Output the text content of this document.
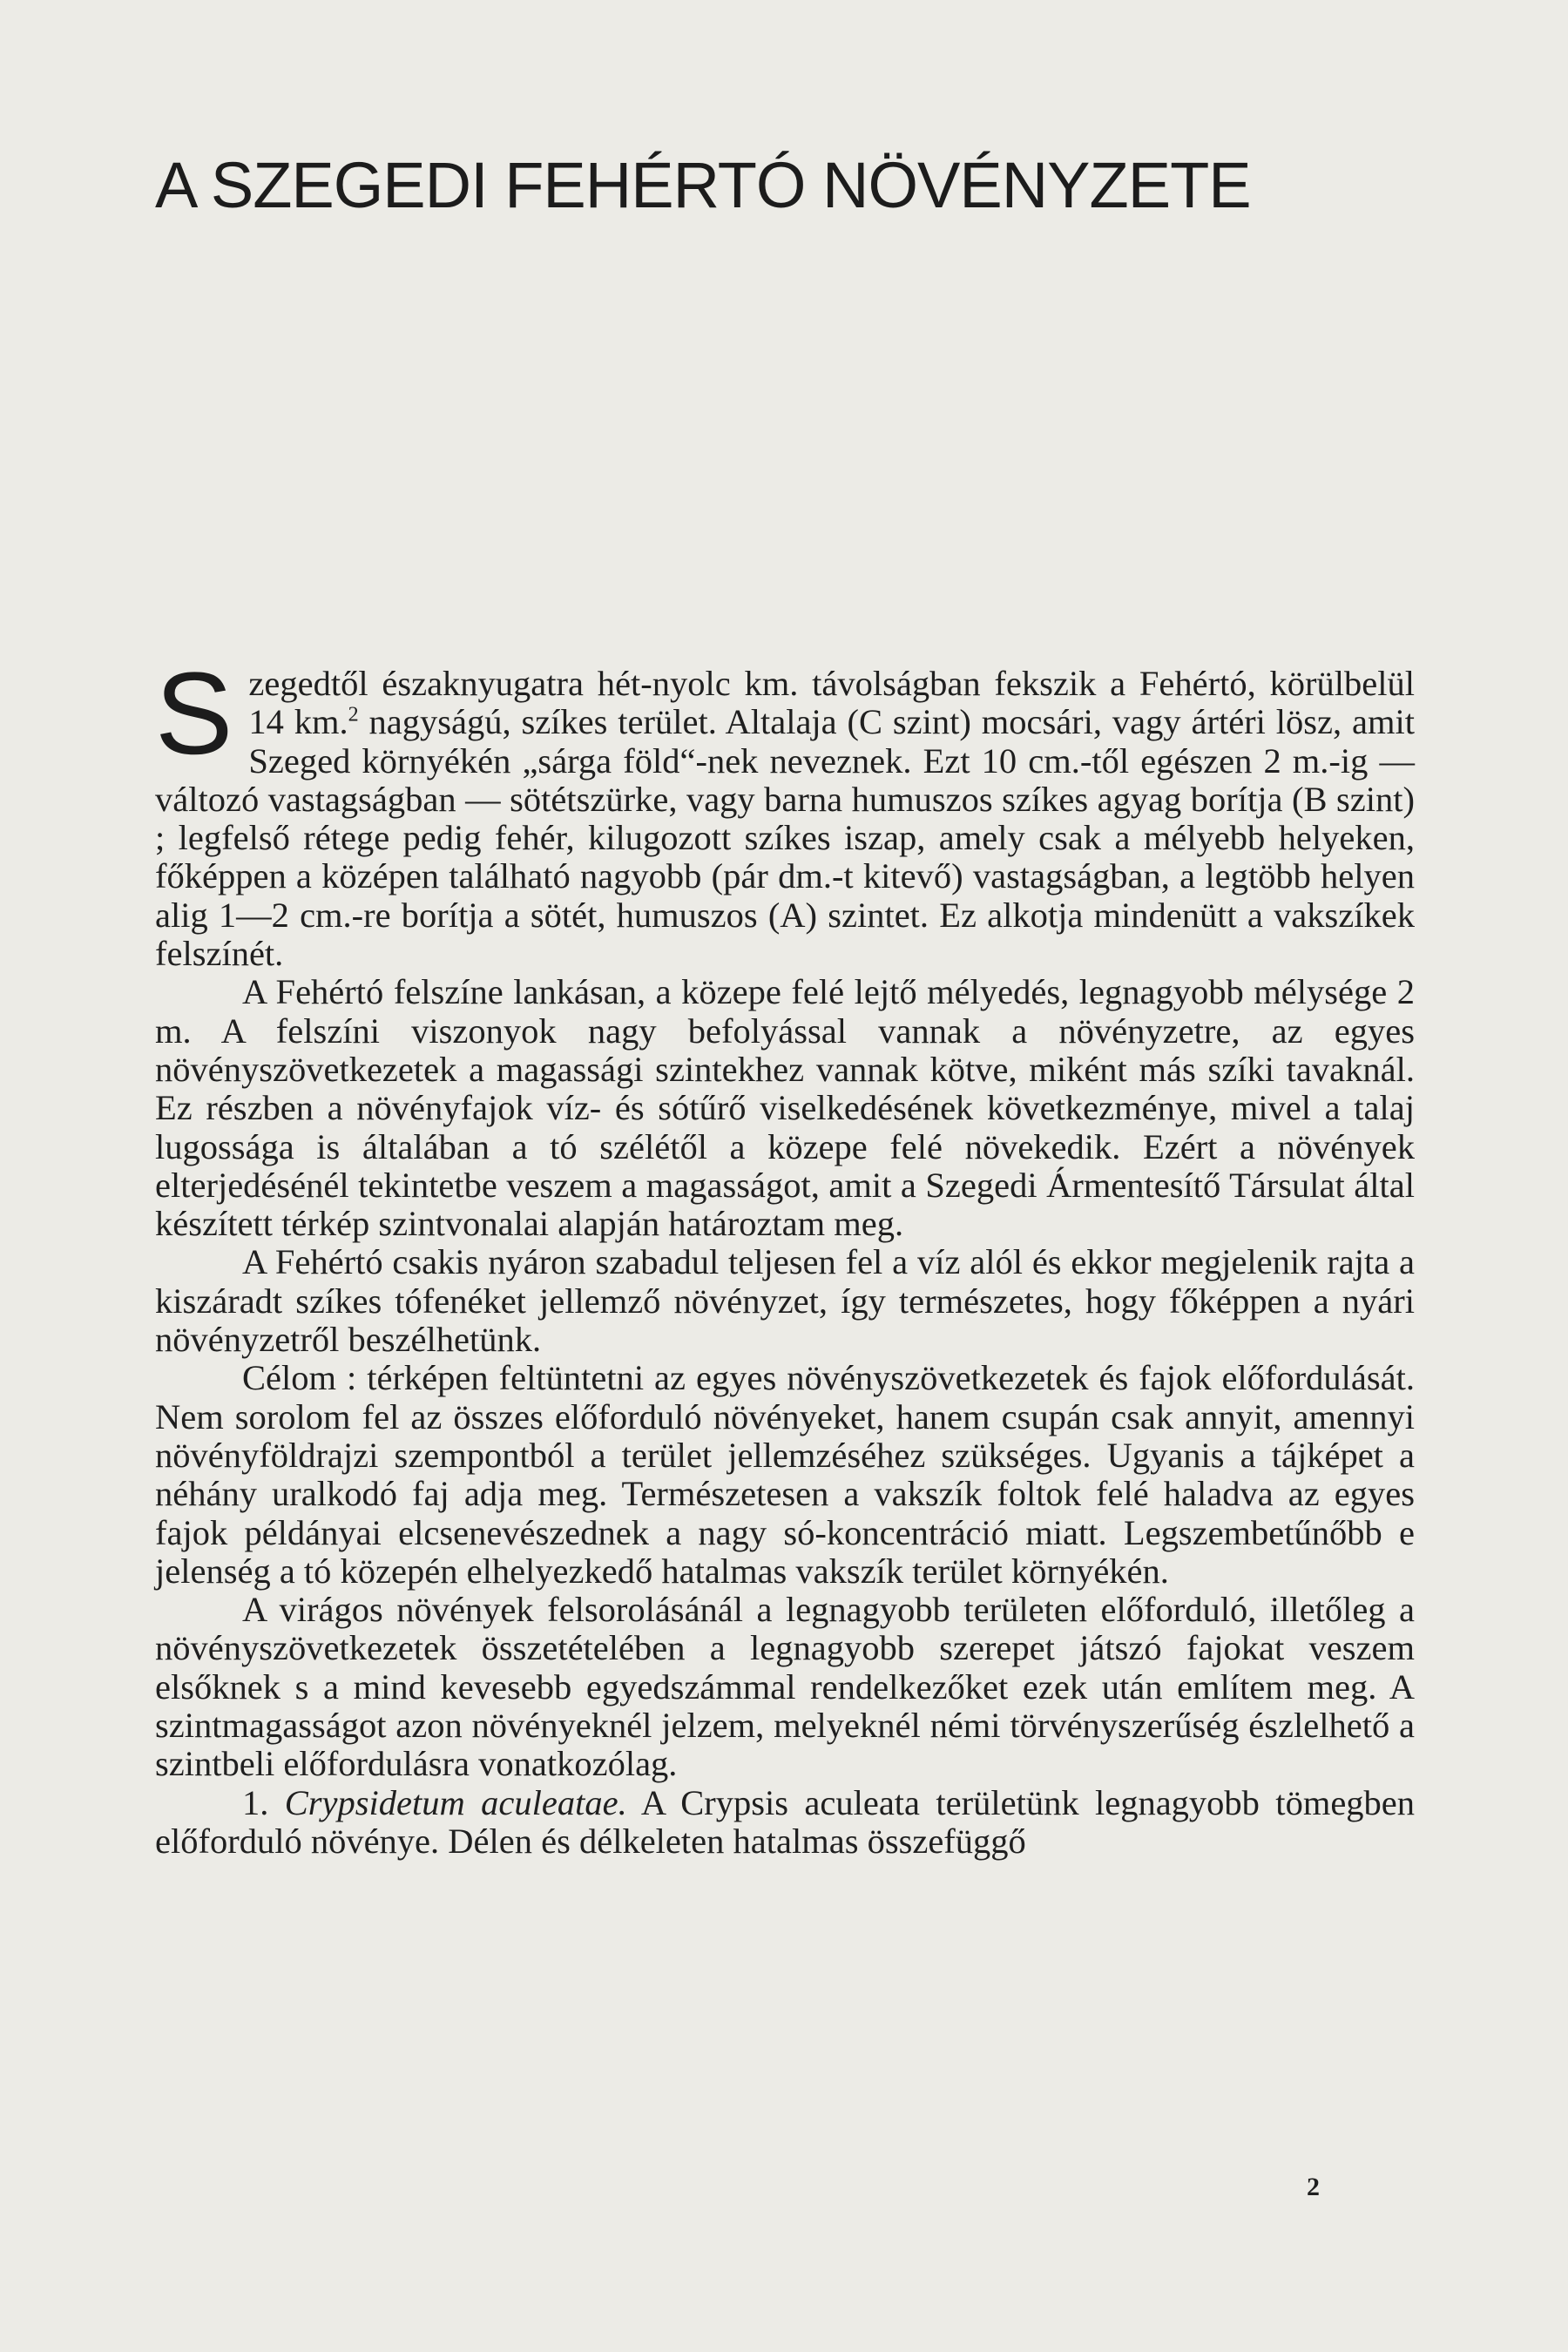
A SZEGEDI FEHÉRTÓ NÖVÉNYZETE

Szegedtől északnyugatra hét-nyolc km. távolságban fekszik a Fehértó, körülbelül 14 km.$^2$ nagyságú, szíkes terület. Altalaja (C szint) mocsári, vagy ártéri lösz, amit Szeged környékén „sárga föld“-nek neveznek. Ezt 10 cm.-től egészen 2 m.-ig — változó vastagságban — sötétszürke, vagy barna humuszos szíkes agyag borítja (B szint) ; legfelső rétege pedig fehér, kilugozott szíkes iszap, amely csak a mélyebb helyeken, főképpen a középen található nagyobb (pár dm.-t kitevő) vastagságban, a legtöbb helyen alig 1—2 cm.-re borítja a sötét, humuszos (A) szintet. Ez alkotja mindenütt a vakszíkek felszínét.

A Fehértó felszíne lankásan, a közepe felé lejtő mélyedés, legnagyobb mélysége 2 m. A felszíni viszonyok nagy befolyással vannak a növényzetre, az egyes növényszövetkezetek a magassági szintekhez vannak kötve, miként más szíki tavaknál. Ez részben a növényfajok víz- és sótűrő viselkedésének következménye, mivel a talaj lugossága is általában a tó szélétől a közepe felé növekedik. Ezért a növények elterjedésénél tekintetbe veszem a magasságot, amit a Szegedi Ármentesítő Társulat által készített térkép szintvonalai alapján határoztam meg.

A Fehértó csakis nyáron szabadul teljesen fel a víz alól és ekkor megjelenik rajta a kiszáradt szíkes tófenéket jellemző növényzet, így természetes, hogy főképpen a nyári növényzetről beszélhetünk.

Célom : térképen feltüntetni az egyes növényszövetkezetek és fajok előfordulását. Nem sorolom fel az összes előforduló növényeket, hanem csupán csak annyit, amennyi növényföldrajzi szempontból a terület jellemzéséhez szükséges. Ugyanis a tájképet a néhány uralkodó faj adja meg. Természetesen a vakszík foltok felé haladva az egyes fajok példányai elcsenevészednek a nagy só-koncentráció miatt. Legszembetűnőbb e jelenség a tó közepén elhelyezkedő hatalmas vakszík terület környékén.

A virágos növények felsorolásánál a legnagyobb területen előforduló, illetőleg a növényszövetkezetek összetételében a legnagyobb szerepet játszó fajokat veszem elsőknek s a mind kevesebb egyedszámmal rendelkezőket ezek után említem meg. A szintmagasságot azon növényeknél jelzem, melyeknél némi törvényszerűség észlelhető a szintbeli előfordulásra vonatkozólag.

1. Crypsidetum aculeatae. A Crypsis aculeata területünk legnagyobb tömegben előforduló növénye. Délen és délkeleten hatalmas összefüggő

2
